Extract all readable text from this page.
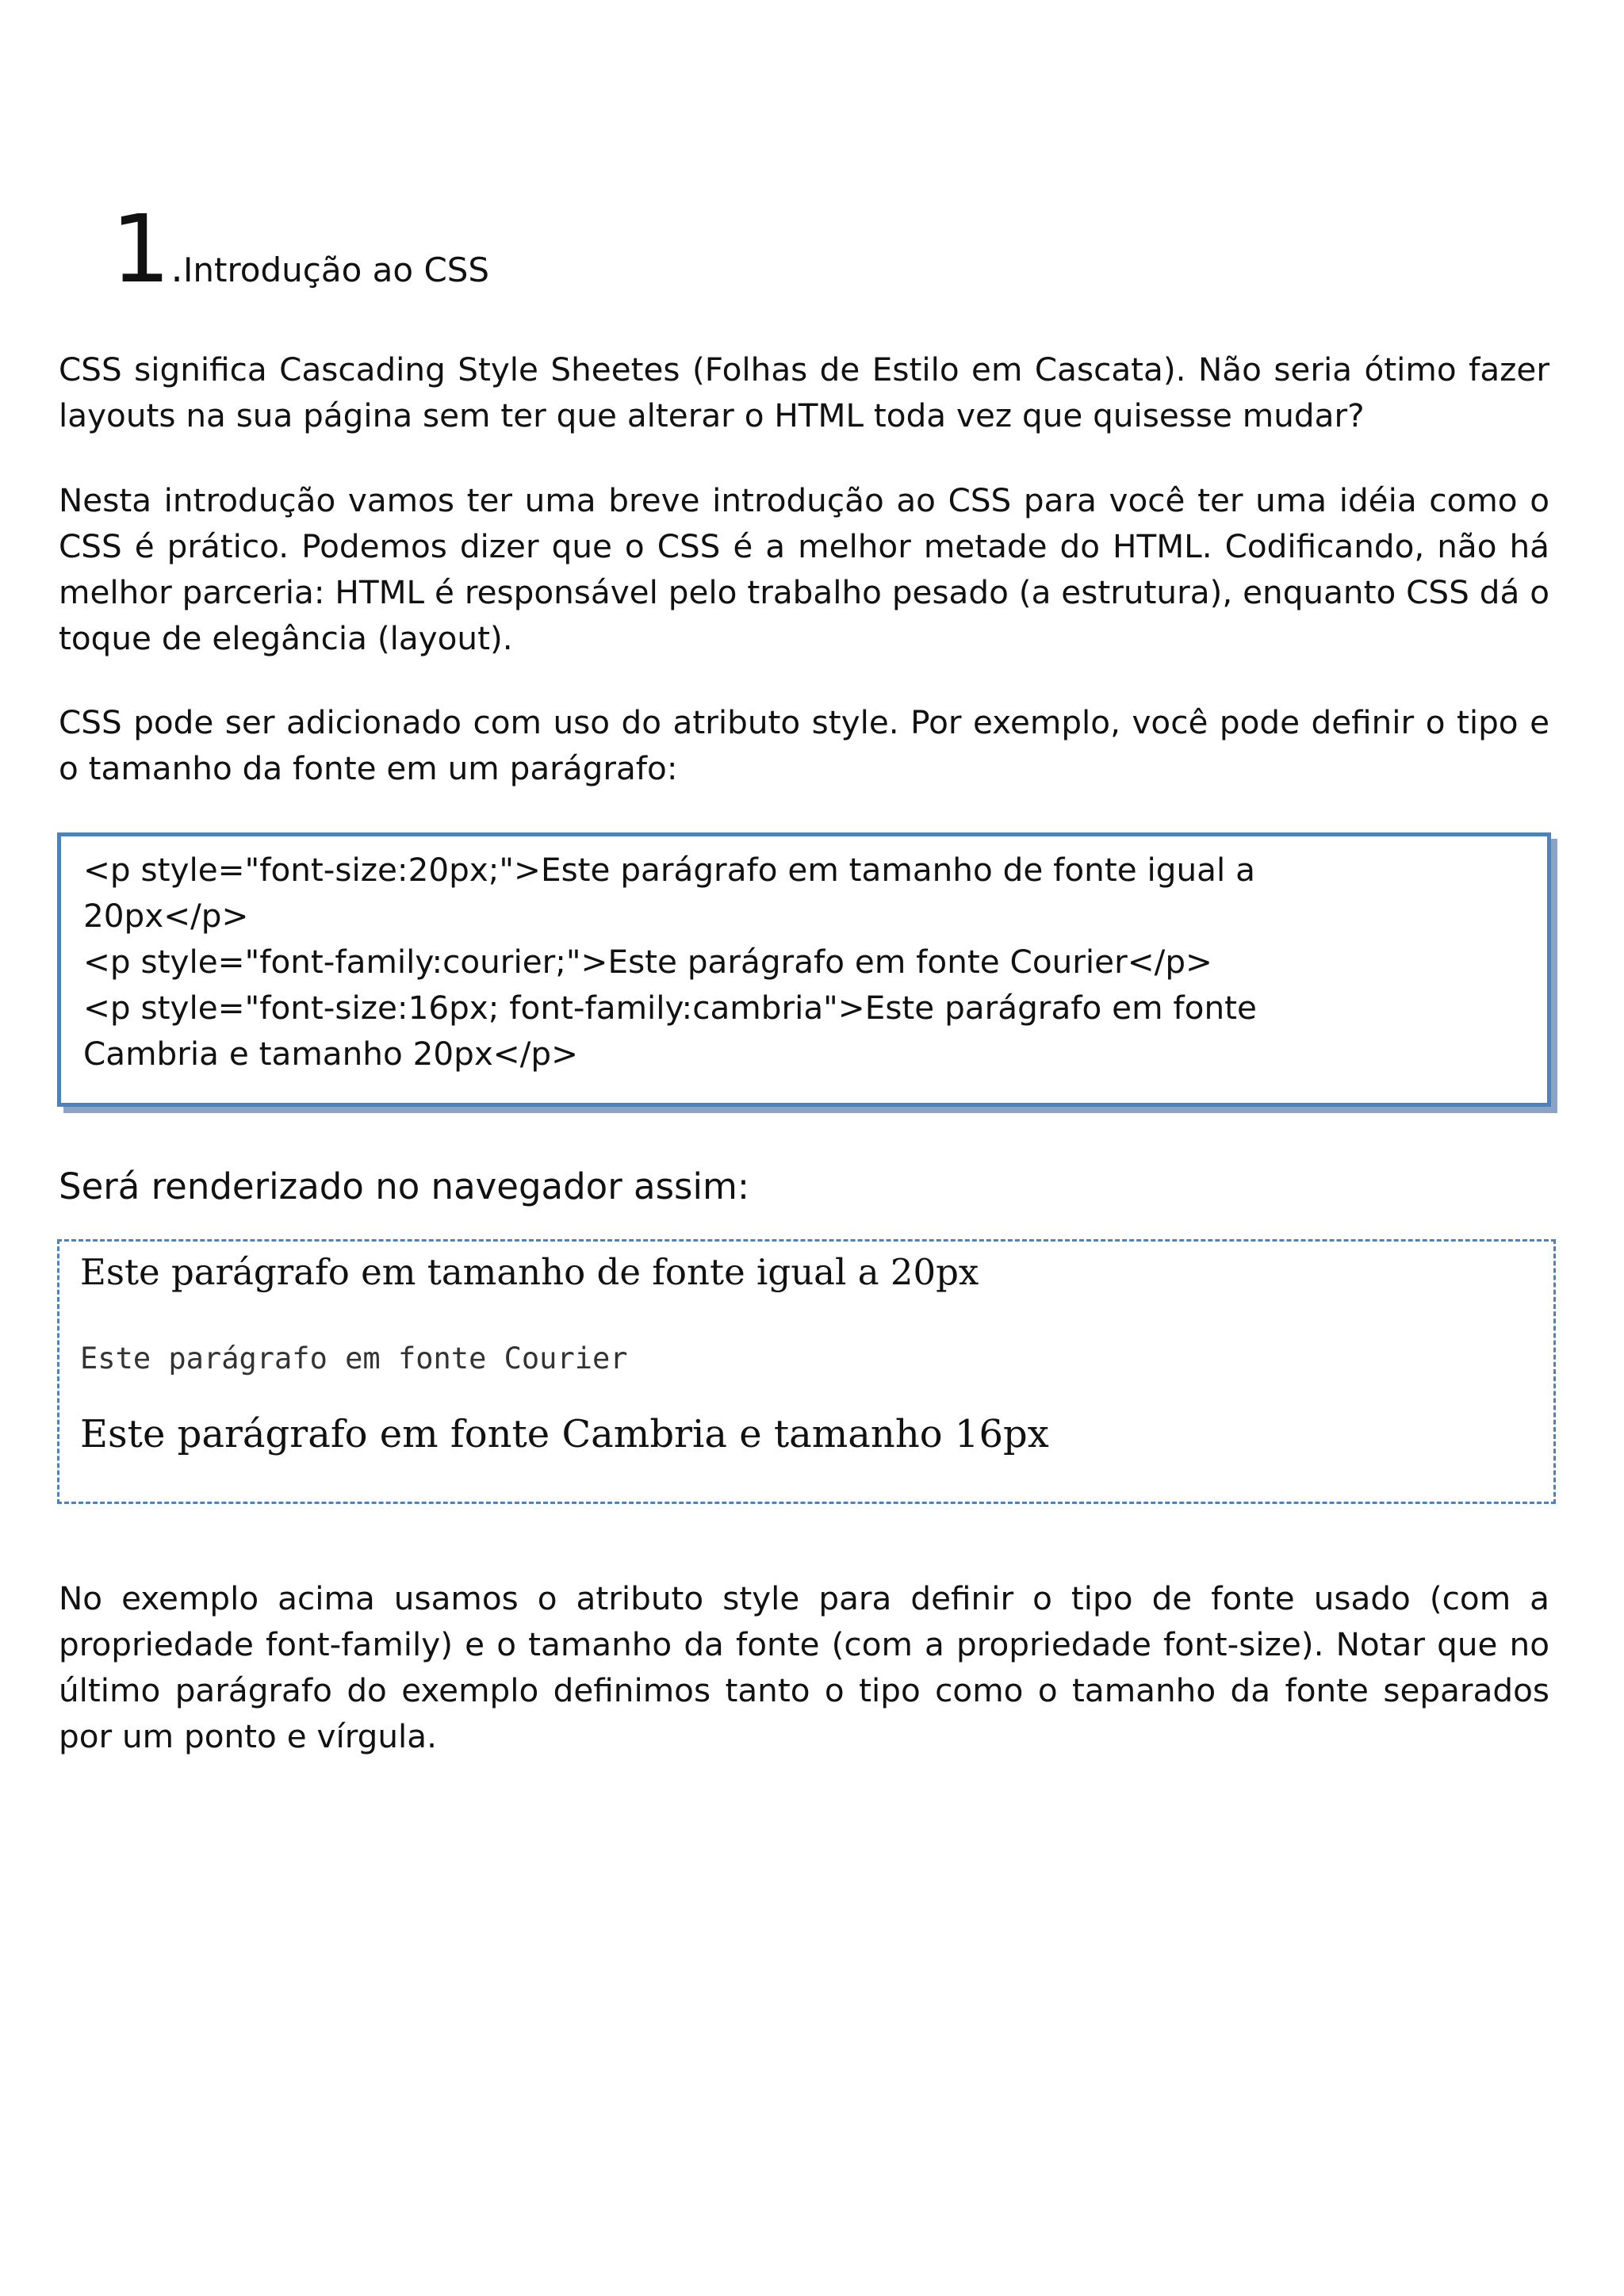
1.Introdução ao CSS

CSS significa Cascading Style Sheetes (Folhas de Estilo em Cascata). Não seria ótimo fazer layouts na sua página sem ter que alterar o HTML toda vez que quisesse mudar?

Nesta introdução vamos ter uma breve introdução ao CSS para você ter uma idéia como o CSS é prático. Podemos dizer que o CSS é a melhor metade do HTML. Codificando, não há melhor parceria: HTML é responsável pelo trabalho pesado (a estrutura), enquanto CSS dá o toque de elegância (layout).

CSS pode ser adicionado com uso do atributo style. Por exemplo, você pode definir o tipo e o tamanho da fonte em um parágrafo:

<p style="font-size:20px;">Este parágrafo em tamanho de fonte igual a
20px</p>
<p style="font-family:courier;">Este parágrafo em fonte Courier</p>
<p style="font-size:16px; font-family:cambria">Este parágrafo em fonte
Cambria e tamanho 20px</p>
Será renderizado no navegador assim:
Este parágrafo em tamanho de fonte igual a 20px
Este parágrafo em fonte Courier
Este parágrafo em fonte Cambria e tamanho 16px

No exemplo acima usamos o atributo style para definir o tipo de fonte usado (com a propriedade font-family) e o tamanho da fonte (com a propriedade font-size). Notar que no último parágrafo do exemplo definimos tanto o tipo como o tamanho da fonte separados por um ponto e vírgula.
